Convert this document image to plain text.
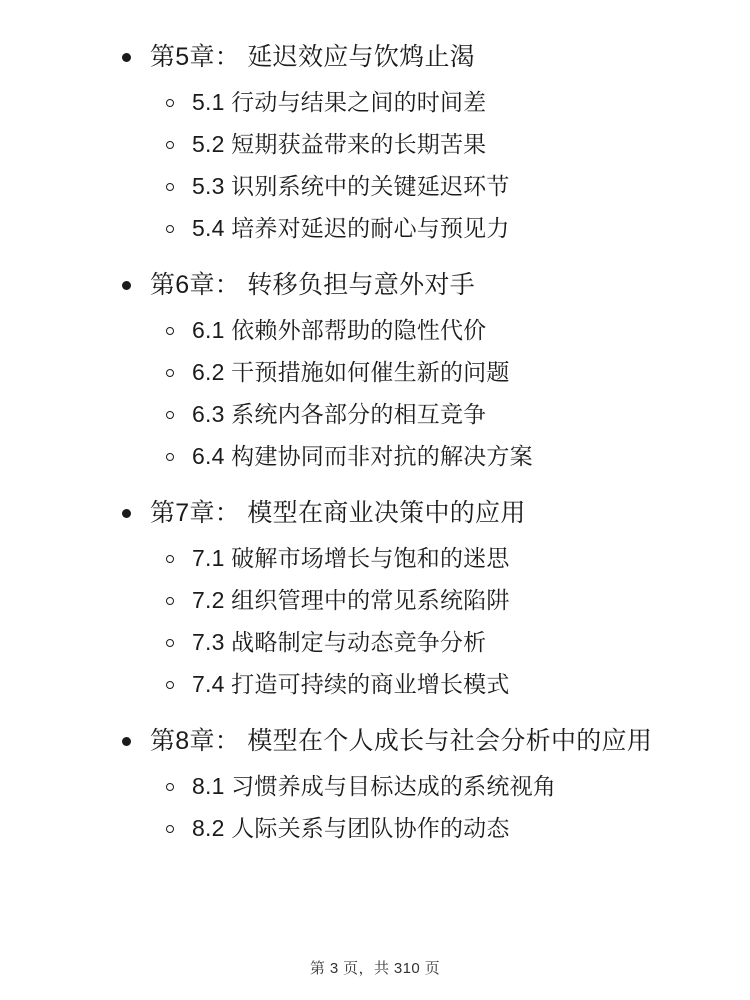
第5章： 延迟效应与饮鸩止渴
5.1 行动与结果之间的时间差
5.2 短期获益带来的长期苦果
5.3 识别系统中的关键延迟环节
5.4 培养对延迟的耐心与预见力
第6章： 转移负担与意外对手
6.1 依赖外部帮助的隐性代价
6.2 干预措施如何催生新的问题
6.3 系统内各部分的相互竞争
6.4 构建协同而非对抗的解决方案
第7章： 模型在商业决策中的应用
7.1 破解市场增长与饱和的迷思
7.2 组织管理中的常见系统陷阱
7.3 战略制定与动态竞争分析
7.4 打造可持续的商业增长模式
第8章： 模型在个人成长与社会分析中的应用
8.1 习惯养成与目标达成的系统视角
8.2 人际关系与团队协作的动态
第 3 页，共 310 页
